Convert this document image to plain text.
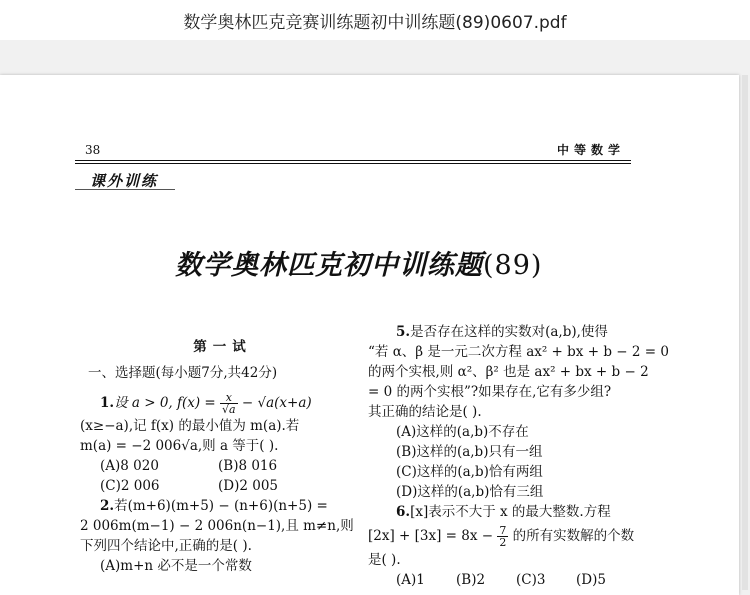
数学奥林匹克竞赛训练题初中训练题(89)0607.pdf
38	中等数学
课外训练
数学奥林匹克初中训练题(89)
第一试
一、选择题(每小题7分,共42分)
1.设 a > 0, $f(x) = \frac{x}{√a} - √a(x+a)$
(x≥−a),记 f(x) 的最小值为 m(a).若
m(a) = −2 006√a,则 a 等于( ).
(A)8 020	(B)8 016
(C)2 006	(D)2 005
2.若(m+6)(m+5) − (n+6)(n+5) =
2 006m(m−1) − 2 006n(n−1),且 m≠n,则
下列四个结论中,正确的是( ).
(A)m+n 必不是一个常数
5.是否存在这样的实数对(a,b),使得
“若 α、β 是一元二次方程 ax² + bx + b − 2 = 0
的两个实根,则 α²、β² 也是 ax² + bx + b − 2
= 0 的两个实根”?如果存在,它有多少组?
其正确的结论是( ).
(A)这样的(a,b)不存在
(B)这样的(a,b)只有一组
(C)这样的(a,b)恰有两组
(D)这样的(a,b)恰有三组
6.[x]表示不大于 x 的最大整数.方程
$[2x] + [3x] = 8x - \frac{7}{2}$ 的所有实数解的个数
是( ).
(A)1 (B)2 (C)3 (D)5
